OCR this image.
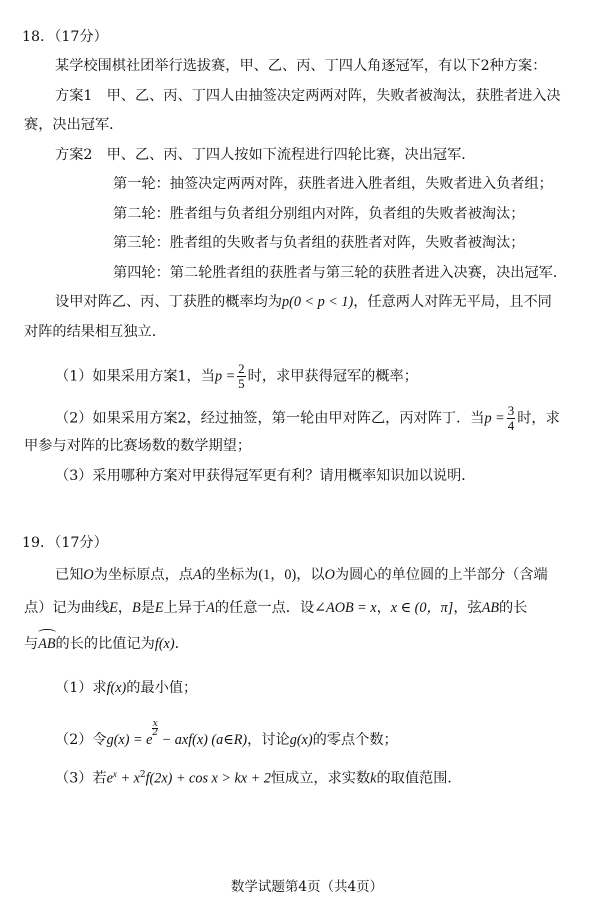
18．（17分）
某学校围棋社团举行选拔赛，甲、乙、丙、丁四人角逐冠军，有以下2种方案：
方案1　甲、乙、丙、丁四人由抽签决定两两对阵，失败者被淘汰，获胜者进入决
赛，决出冠军．
方案2　甲、乙、丙、丁四人按如下流程进行四轮比赛，决出冠军．
第一轮：抽签决定两两对阵，获胜者进入胜者组，失败者进入负者组；
第二轮：胜者组与负者组分别组内对阵，负者组的失败者被淘汰；
第三轮：胜者组的失败者与负者组的获胜者对阵，失败者被淘汰；
第四轮：第二轮胜者组的获胜者与第三轮的获胜者进入决赛，决出冠军．
设甲对阵乙、丙、丁获胜的概率均为p(0 < p < 1)，任意两人对阵无平局，且不同
对阵的结果相互独立．
（1）如果采用方案1，当$p = \frac{2}{5}$ 时，求甲获得冠军的概率；
（2）如果采用方案2，经过抽签，第一轮由甲对阵乙，丙对阵丁．当$p = \frac{3}{4}$ 时，求
甲参与对阵的比赛场数的数学期望；
（3）采用哪种方案对甲获得冠军更有利？请用概率知识加以说明．
19．（17分）
已知O为坐标原点，点A的坐标为(1，0)，以O为圆心的单位圆的上半部分（含端
点）记为曲线E，B是E上异于A的任意一点．设∠AOB = x，x ∈ (0，π]，弦AB的长
与AB的长的比值记为f(x)．
（1）求f(x)的最小值；
（2）令g(x) = e
$\frac{x}{2}$
− axf(x) (a∈R)，讨论g(x)的零点个数；
（3）若$e^x + x^2f(2x) + \cos x$ > kx + 2恒成立，求实数k的取值范围．
数学试题第4页（共4页）
